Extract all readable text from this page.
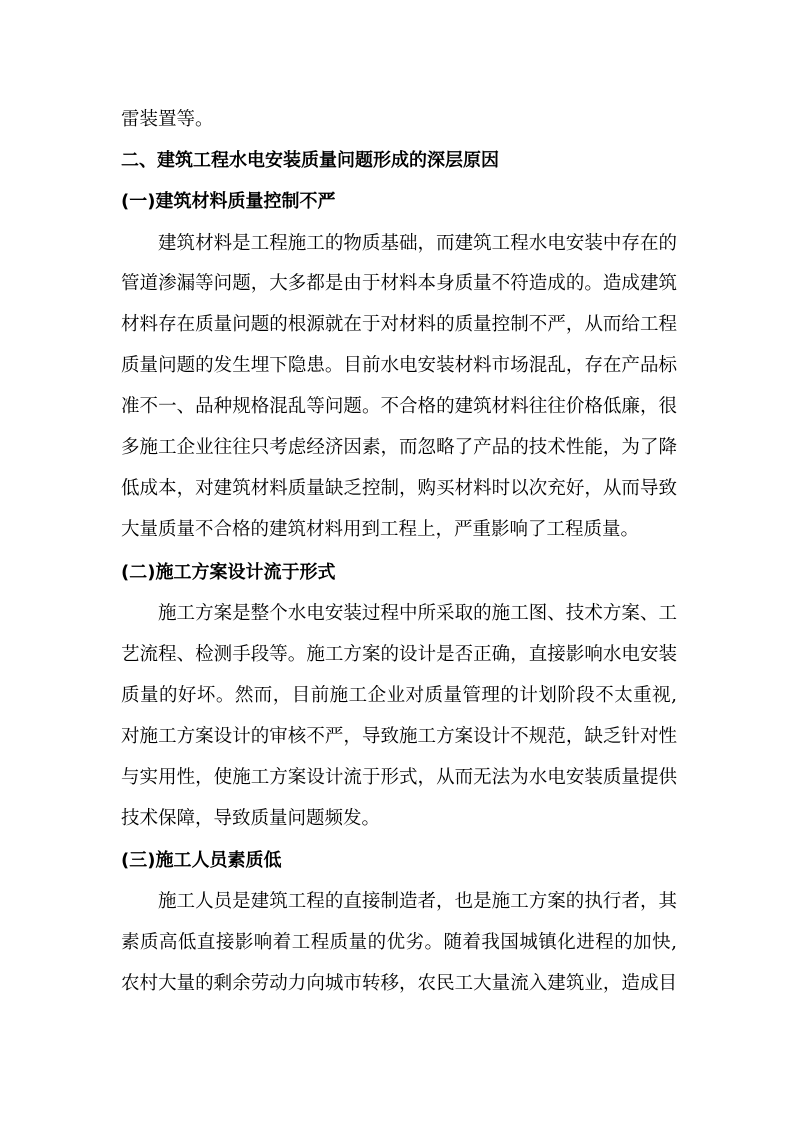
雷装置等。
二、建筑工程水电安装质量问题形成的深层原因
(一)建筑材料质量控制不严
建筑材料是工程施工的物质基础，而建筑工程水电安装中存在的
管道渗漏等问题，大多都是由于材料本身质量不符造成的。造成建筑
材料存在质量问题的根源就在于对材料的质量控制不严，从而给工程
质量问题的发生埋下隐患。目前水电安装材料市场混乱，存在产品标
准不一、品种规格混乱等问题。不合格的建筑材料往往价格低廉，很
多施工企业往往只考虑经济因素，而忽略了产品的技术性能，为了降
低成本，对建筑材料质量缺乏控制，购买材料时以次充好，从而导致
大量质量不合格的建筑材料用到工程上，严重影响了工程质量。
(二)施工方案设计流于形式
施工方案是整个水电安装过程中所采取的施工图、技术方案、工
艺流程、检测手段等。施工方案的设计是否正确，直接影响水电安装
质量的好坏。然而，目前施工企业对质量管理的计划阶段不太重视,
对施工方案设计的审核不严，导致施工方案设计不规范，缺乏针对性
与实用性，使施工方案设计流于形式，从而无法为水电安装质量提供
技术保障，导致质量问题频发。
(三)施工人员素质低
施工人员是建筑工程的直接制造者，也是施工方案的执行者，其
素质高低直接影响着工程质量的优劣。随着我国城镇化进程的加快,
农村大量的剩余劳动力向城市转移，农民工大量流入建筑业，造成目
